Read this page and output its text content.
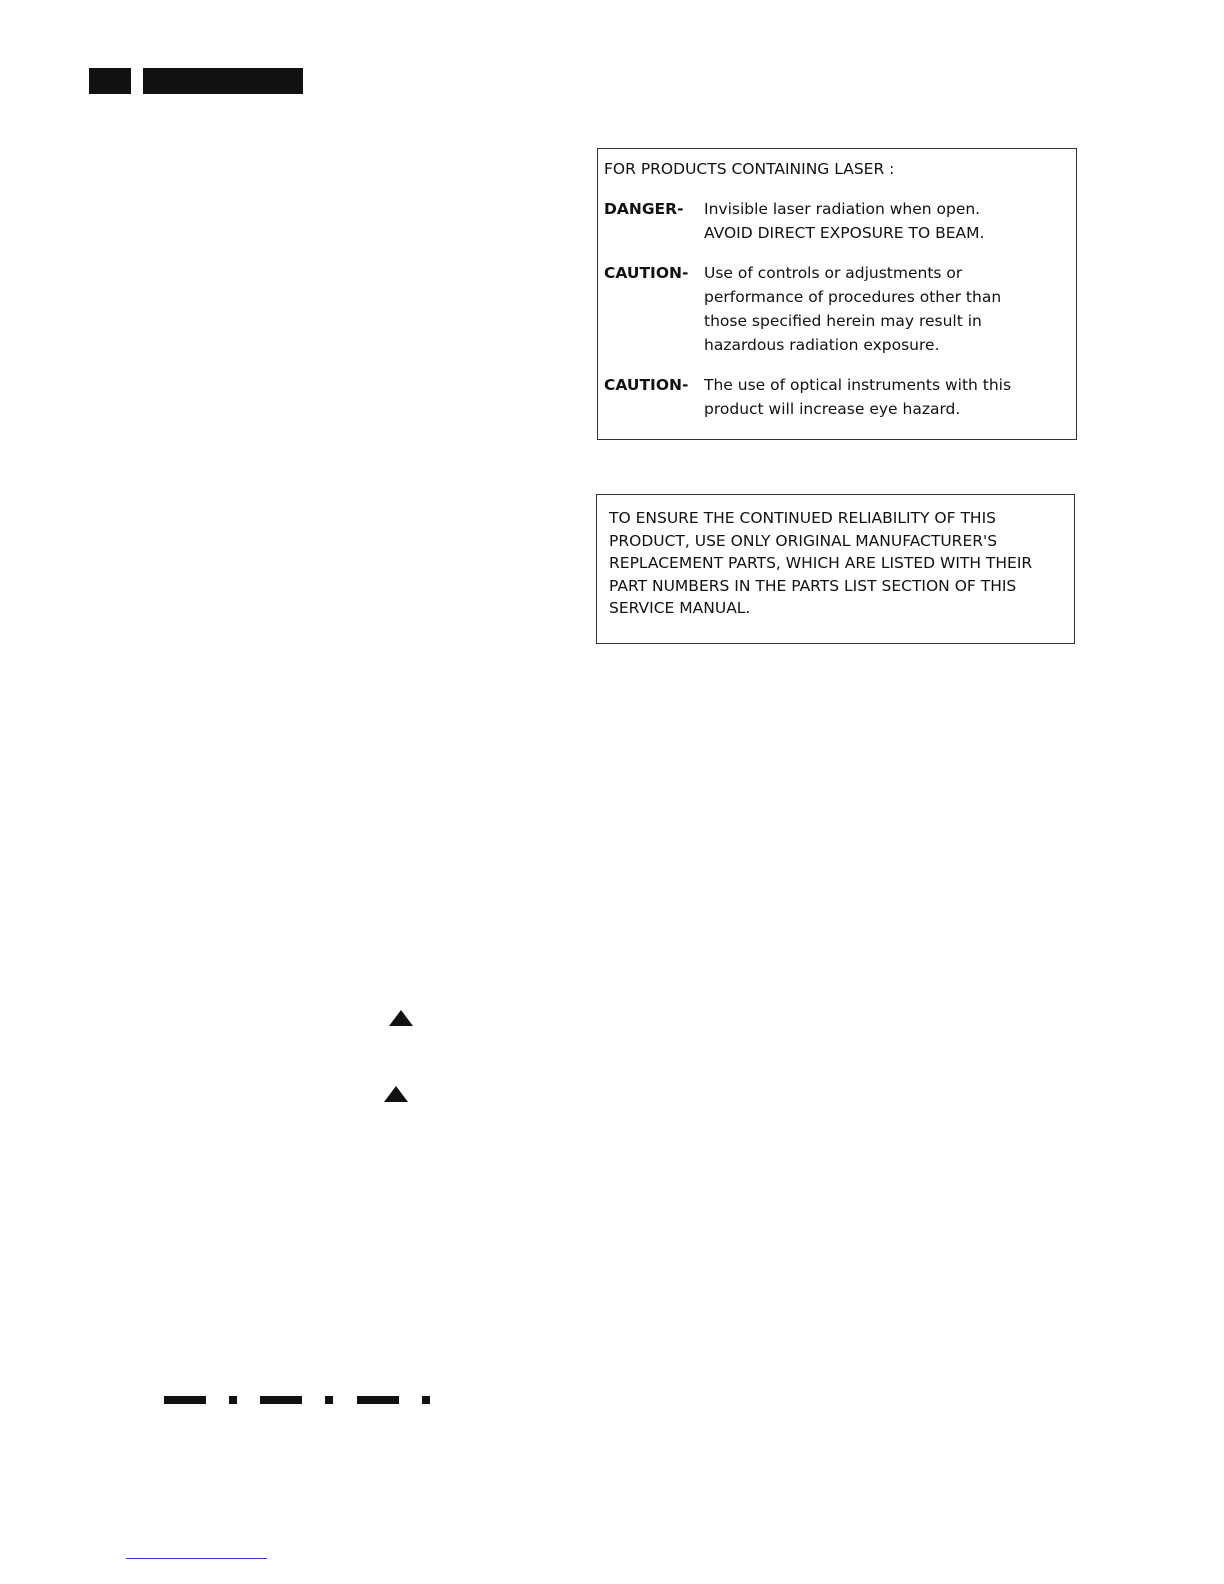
FOR PRODUCTS CONTAINING LASER :
DANGER-	Invisible laser radiation when open.
AVOID DIRECT EXPOSURE TO BEAM.
CAUTION-	Use of controls or adjustments or
performance of procedures other than
those specified herein may result in
hazardous radiation exposure.
CAUTION-	The use of optical instruments with this
product will increase eye hazard.
TO ENSURE THE CONTINUED RELIABILITY OF THIS
PRODUCT, USE ONLY ORIGINAL MANUFACTURER'S
REPLACEMENT PARTS, WHICH ARE LISTED WITH THEIR
PART NUMBERS IN THE PARTS LIST SECTION OF THIS
SERVICE MANUAL.
